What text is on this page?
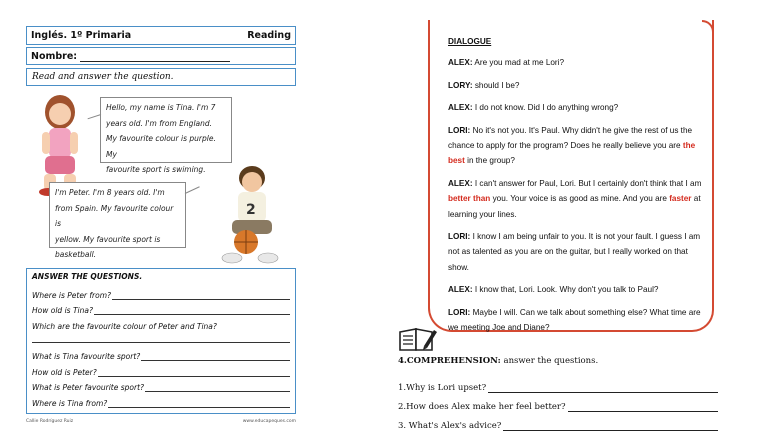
Inglés. 1º Primaria	Reading
Nombre:
Read and answer the question.
Hello, my name is Tina. I'm 7
years old. I'm from England.
My favourite colour is purple. My
favourite sport is swiming.
I'm Peter. I'm 8 years old. I'm
from Spain. My favourite colour is
yellow. My favourite sport is
basketball.
2
ANSWER THE QUESTIONS.
Where is Peter from?
How old is Tina?
Which are the favourite colour of Peter and Tina?
What is Tina favourite sport?
How old is Peter?
What is Peter favourite sport?
Where is Tina from?
Callie Rodríguez Ruiz	www.educapeques.com
DIALOGUE
ALEX: Are you mad at me Lori?
LORY: should I be?
ALEX: I do not know. Did I do anything wrong?
LORI: No it's not you. It's Paul. Why didn't he give the rest of us the chance to apply for the program? Does he really believe you are the best in the group?
ALEX: I can't answer for Paul, Lori. But I certainly don't think that I am better than you. Your voice is as good as mine. And you are faster at learning your lines.
LORI: I know I am being unfair to you. It is not your fault. I guess I am not as talented as you are on the guitar, but I really worked on that show.
ALEX: I know that, Lori. Look. Why don't you talk to Paul?
LORI: Maybe I will. Can we talk about something else? What time are we meeting Joe and Diane?
4.COMPREHENSION: answer the questions.
1.Why is Lori upset?
2.How does Alex make her feel better?
3. What's Alex's advice?
